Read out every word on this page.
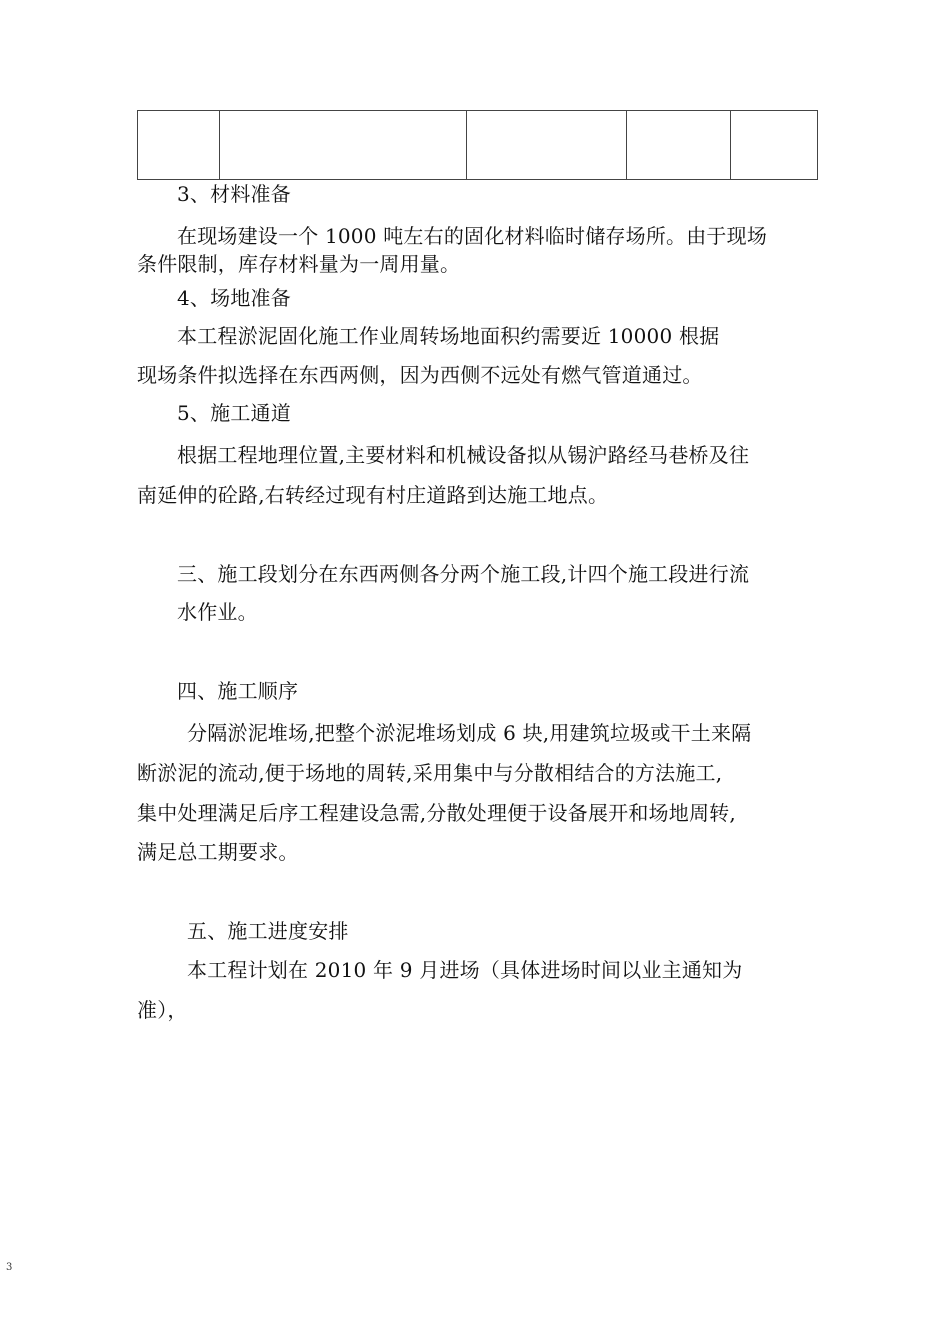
3、材料准备
在现场建设一个 1000 吨左右的固化材料临时储存场所。由于现场
条件限制，库存材料量为一周用量。
4、场地准备
本工程淤泥固化施工作业周转场地面积约需要近 10000 根据
现场条件拟选择在东西两侧，因为西侧不远处有燃气管道通过。
5、施工通道
根据工程地理位置,主要材料和机械设备拟从锡沪路经马巷桥及往
南延伸的砼路,右转经过现有村庄道路到达施工地点。
三、施工段划分在东西两侧各分两个施工段,计四个施工段进行流
水作业。
四、施工顺序
分隔淤泥堆场,把整个淤泥堆场划成 6 块,用建筑垃圾或干土来隔
断淤泥的流动,便于场地的周转,采用集中与分散相结合的方法施工,
集中处理满足后序工程建设急需,分散处理便于设备展开和场地周转,
满足总工期要求。
五、施工进度安排
本工程计划在 2010 年 9 月进场（具体进场时间以业主通知为
准），
3
